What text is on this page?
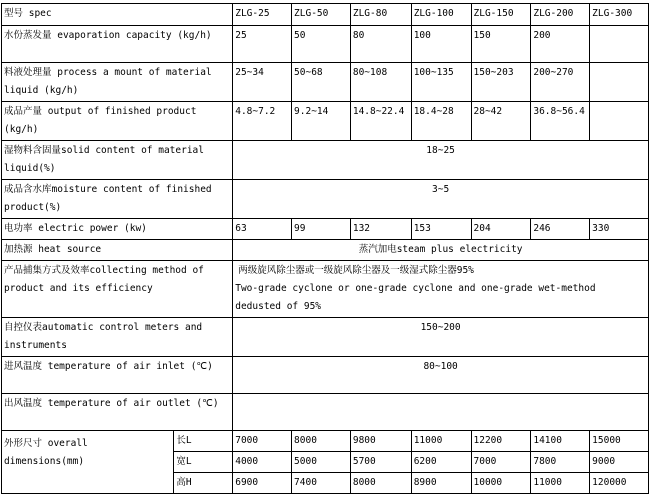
型号 spec		ZLG-25	ZLG-50	ZLG-80	ZLG-100	ZLG-150	ZLG-200	ZLG-300
水份蒸发量 evaporation capacity (kg/h)		25	50	80	100	150	200	
料液处理量 process a mount of material liquid (kg/h)		25~34	50~68	80~108	100~135	150~203	200~270	
成品产量 output of finished product (kg/h)		4.8~7.2	9.2~14	14.8~22.4	18.4~28	28~42	36.8~56.4	
湿物料含固量solid content of material liquid(%)		18~25						
成品含水库moisture content of finished product(%)		3~5						
电功率 electric power (kw)		63	99	132	153	204	246	330
加热源 heat source		蒸汽加电steam plus electricity						
产品捕集方式及效率collecting method of product and its efficiency		两级旋风除尘器或一级旋风除尘器及一级湿式除尘器95%
Two-grade cyclone or one-grade cyclone and one-grade wet-method dedusted of 95%						

自控仪表automatic control meters and instruments		150~200						
进风温度 temperature of air inlet (℃)		80~100						
出风温度 temperature of air outlet (℃)								
外形尺寸 overall dimensions(mm)	长L	7000	8000	9800	11000	12200	14100	15000
	宽L	4000	5000	5700	6200	7000	7800	9000
	高H	6900	7400	8000	8900	10000	11000	120000
